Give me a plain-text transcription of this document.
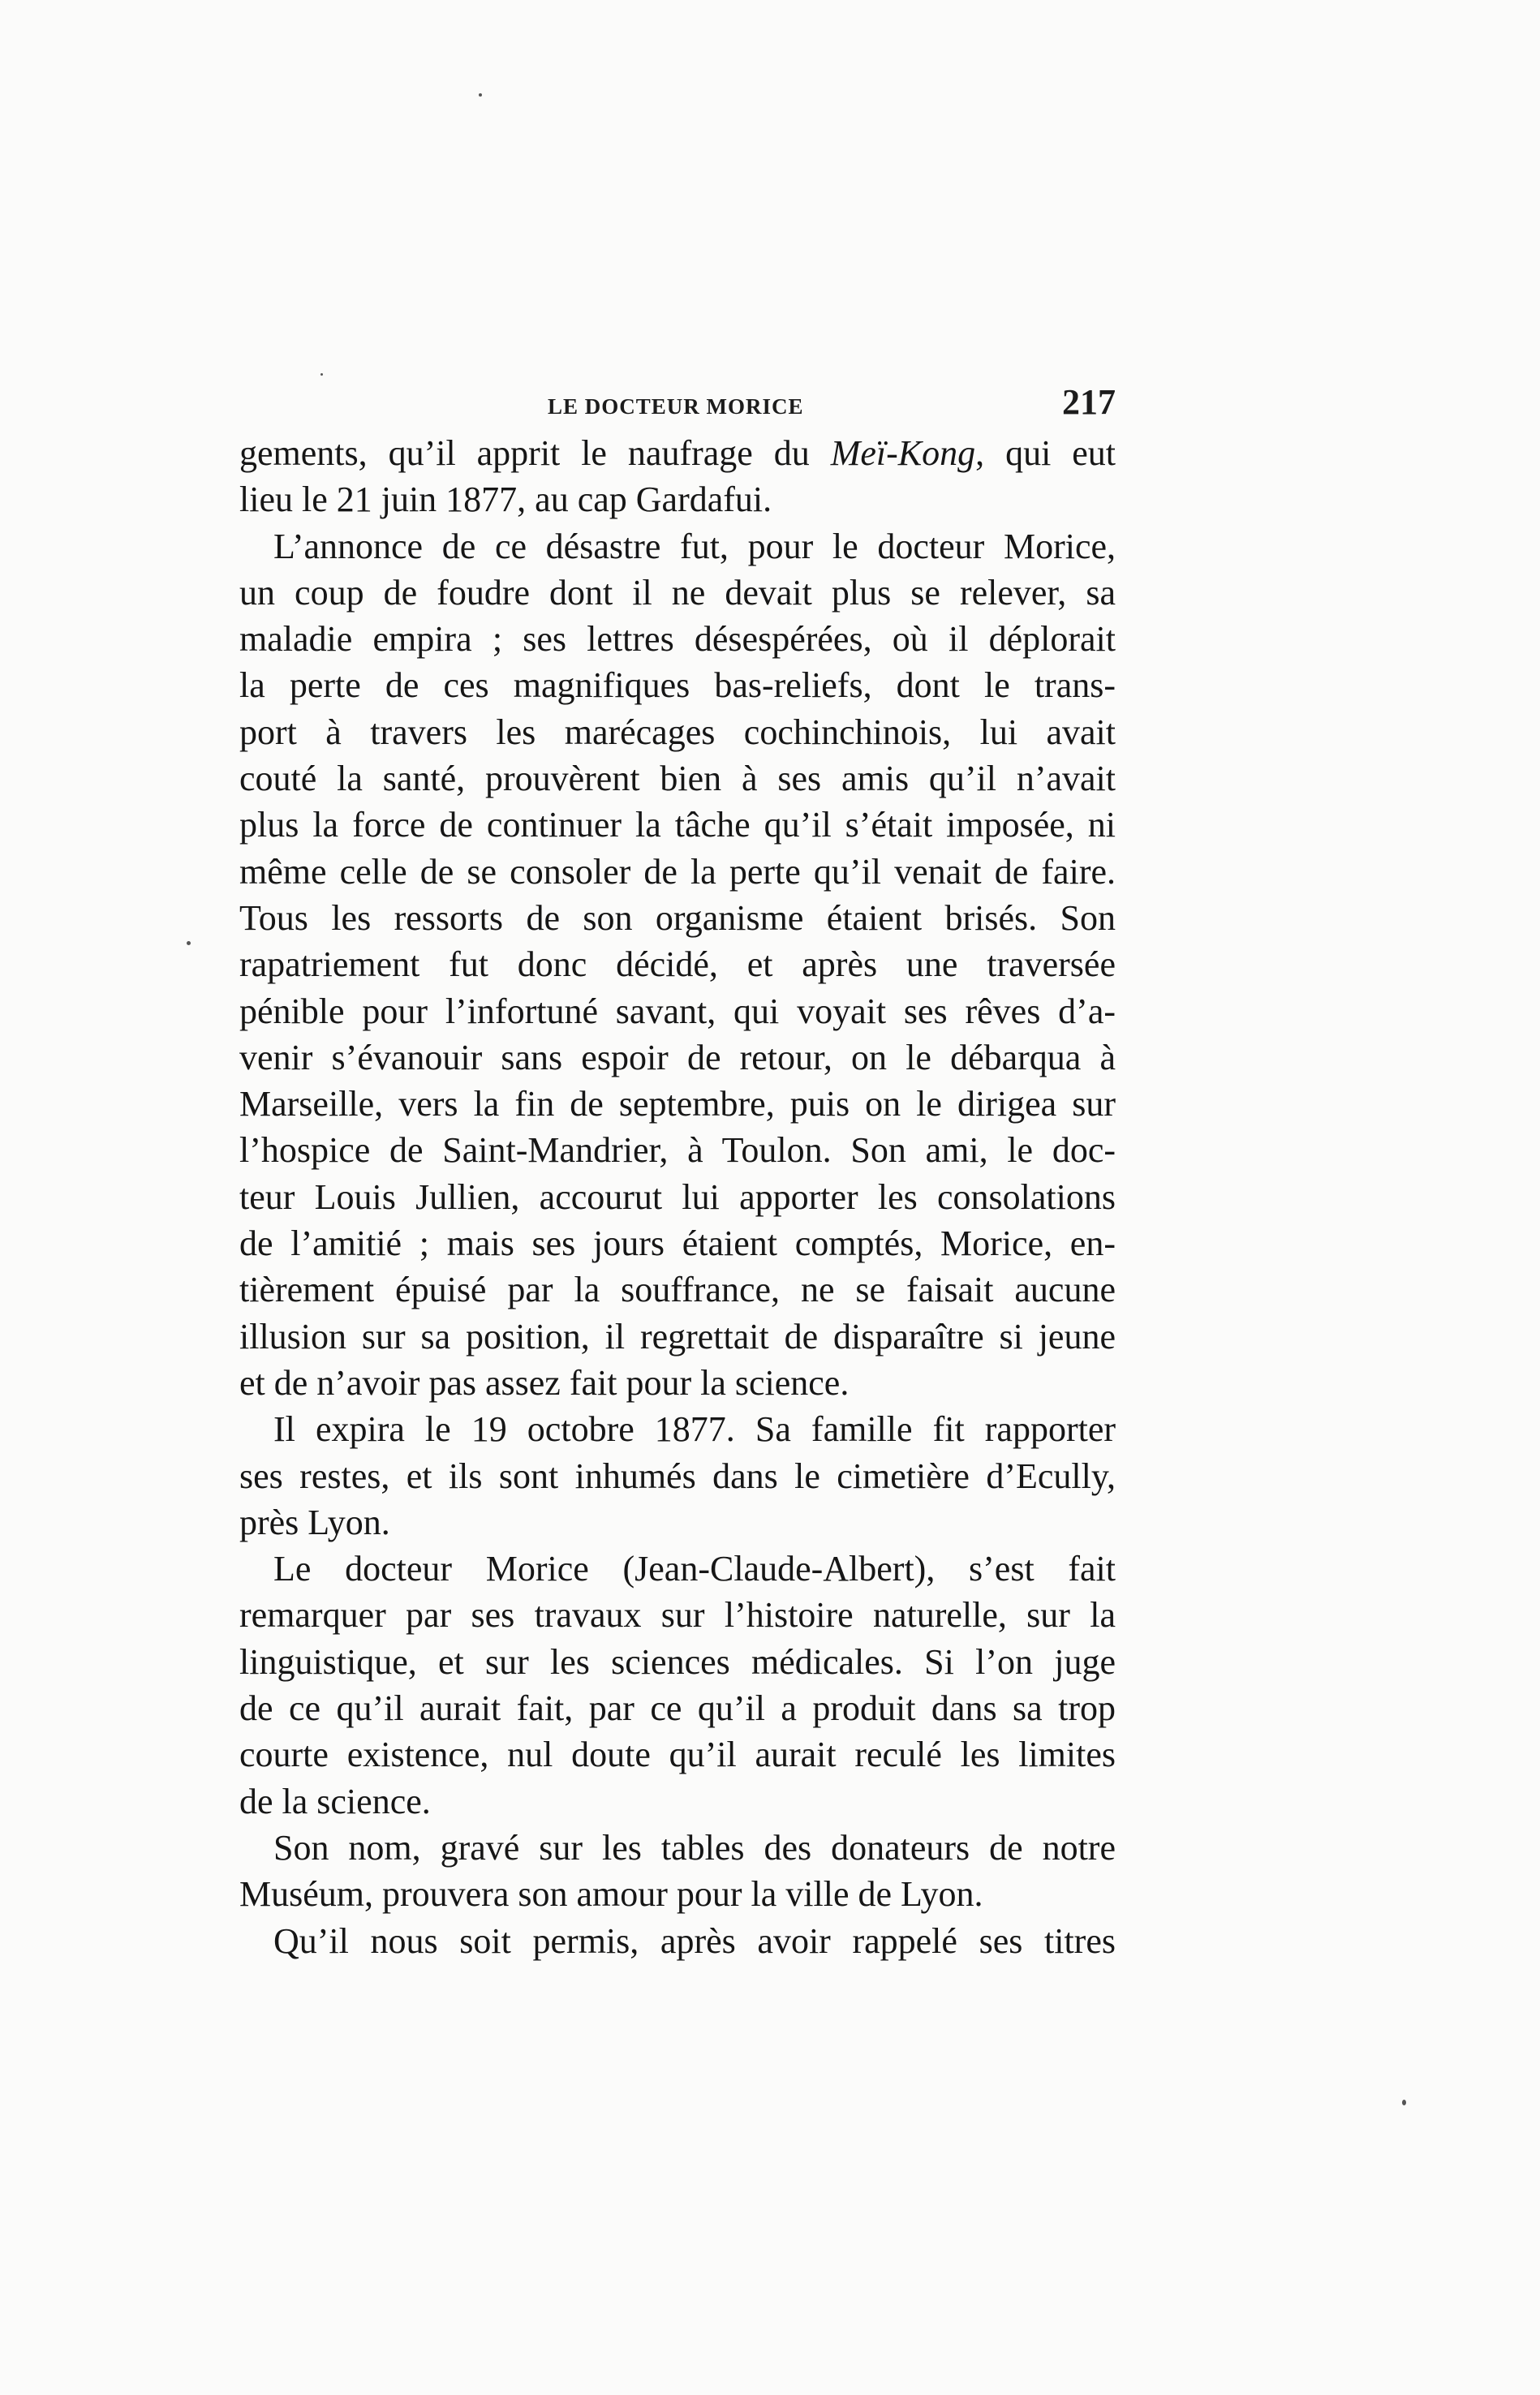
LE DOCTEUR MORICE	217
gements, qu’il apprit le naufrage du Meï-Kong, qui eut
lieu le 21 juin 1877, au cap Gardafui.
L’annonce de ce désastre fut, pour le docteur Morice,
un coup de foudre dont il ne devait plus se relever, sa
maladie empira ; ses lettres désespérées, où il déplorait
la perte de ces magnifiques bas-reliefs, dont le trans-
port à travers les marécages cochinchinois, lui avait
couté la santé, prouvèrent bien à ses amis qu’il n’avait
plus la force de continuer la tâche qu’il s’était imposée, ni
même celle de se consoler de la perte qu’il venait de faire.
Tous les ressorts de son organisme étaient brisés. Son
rapatriement fut donc décidé, et après une traversée
pénible pour l’infortuné savant, qui voyait ses rêves d’a-
venir s’évanouir sans espoir de retour, on le débarqua à
Marseille, vers la fin de septembre, puis on le dirigea sur
l’hospice de Saint-Mandrier, à Toulon. Son ami, le doc-
teur Louis Jullien, accourut lui apporter les consolations
de l’amitié ; mais ses jours étaient comptés, Morice, en-
tièrement épuisé par la souffrance, ne se faisait aucune
illusion sur sa position, il regrettait de disparaître si jeune
et de n’avoir pas assez fait pour la science.
Il expira le 19 octobre 1877. Sa famille fit rapporter
ses restes, et ils sont inhumés dans le cimetière d’Ecully,
près Lyon.
Le docteur Morice (Jean-Claude-Albert), s’est fait
remarquer par ses travaux sur l’histoire naturelle, sur la
linguistique, et sur les sciences médicales. Si l’on juge
de ce qu’il aurait fait, par ce qu’il a produit dans sa trop
courte existence, nul doute qu’il aurait reculé les limites
de la science.
Son nom, gravé sur les tables des donateurs de notre
Muséum, prouvera son amour pour la ville de Lyon.
Qu’il nous soit permis, après avoir rappelé ses titres
